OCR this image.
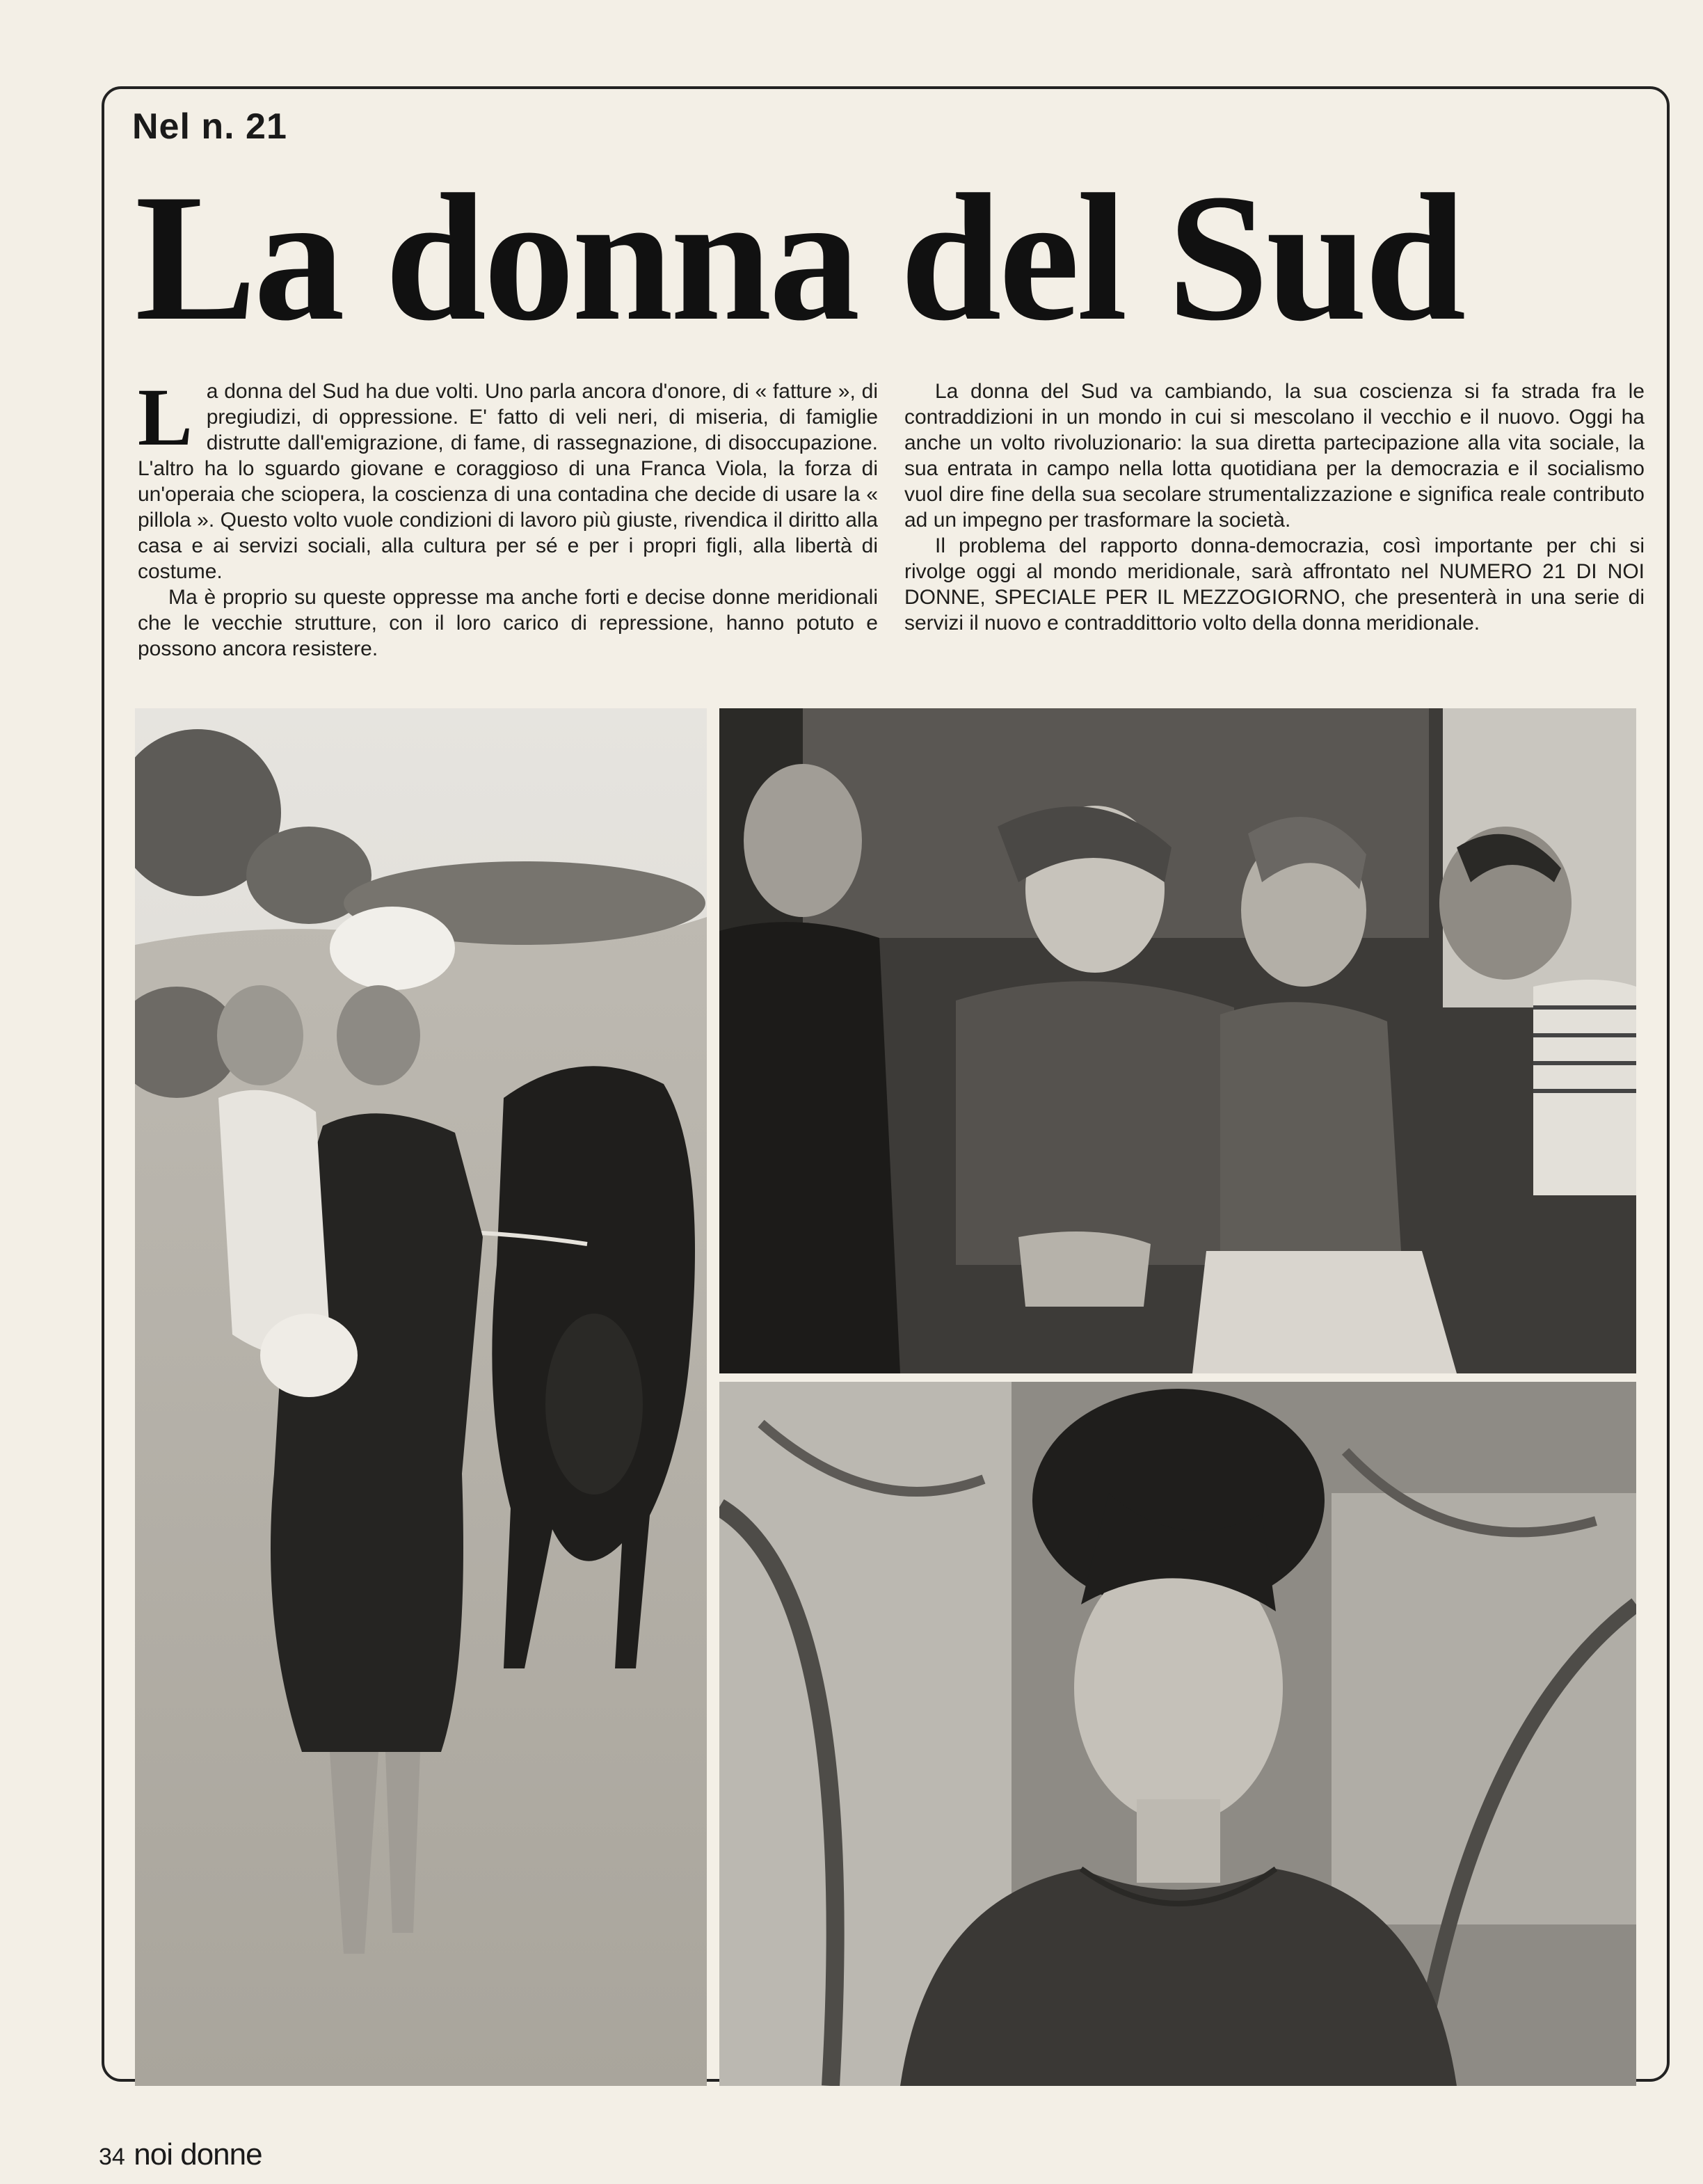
Nel n. 21
La donna del Sud

La donna del Sud ha due volti. Uno parla ancora d'onore, di « fatture », di pregiudizi, di oppressione. E' fatto di veli neri, di miseria, di famiglie distrutte dall'emigrazione, di fame, di rassegnazione, di disoccupazione. L'altro ha lo sguardo giovane e coraggioso di una Franca Viola, la forza di un'operaia che sciopera, la coscienza di una contadina che decide di usare la « pillola ». Questo volto vuole condizioni di lavoro più giuste, rivendica il diritto alla casa e ai servizi sociali, alla cultura per sé e per i propri figli, alla libertà di costume.

Ma è proprio su queste oppresse ma anche forti e decise donne meridionali che le vecchie strutture, con il loro carico di repressione, hanno potuto e possono ancora resistere.

La donna del Sud va cambiando, la sua coscienza si fa strada fra le contraddizioni in un mondo in cui si mescolano il vecchio e il nuovo. Oggi ha anche un volto rivoluzionario: la sua diretta partecipazione alla vita sociale, la sua entrata in campo nella lotta quotidiana per la democrazia e il socialismo vuol dire fine della sua secolare strumentalizzazione e significa reale contributo ad un impegno per trasformare la società.

Il problema del rapporto donna-democrazia, così importante per chi si rivolge oggi al mondo meridionale, sarà affrontato nel NUMERO 21 DI NOI DONNE, SPECIALE PER IL MEZZOGIORNO, che presenterà in una serie di servizi il nuovo e contraddittorio volto della donna meridionale.

34 noi donne
